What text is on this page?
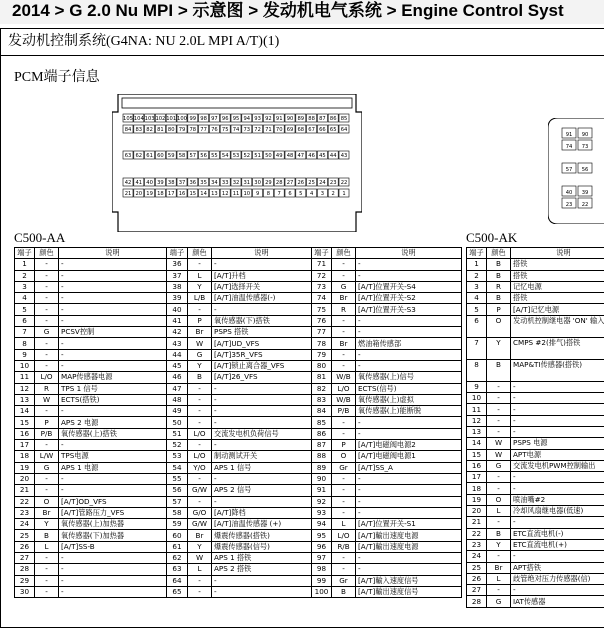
2014 > G 2.0 Nu MPI > 示意图 > 发动机电气系统 > Engine Control Syst
发动机控制系统(G4NA: NU 2.0L MPI A/T)(1)
PCM端子信息
105 104 103 102 101 100 99 98 97 96 95 94 93 92 91 90 89 88 87 86 85
84 83 82 81 80 79 78 77 76 75 74 73 72 71 70 69 68 67 66 65 64
63 62 61 60 59 58 57 56 55 54 53 52 51 50 49 48 47 46 45 44 43
42 41 40 39 38 37 36 35 34 33 32 31 30 29 28 27 26 25 24 23 22
21 20 19 18 17 16 15 14 13 12 11 10 9 8 7 6 5 4 3 2 1
91 90
74 73
57 56
40 39
23 22
C500-AA	C500-AK
端子	颜色	说明
1	-	-
2	-	-
3	-	-
4	-	-
5	-	-
6	-	-
7	G	PCSV控制
8	-	-
9	-	-
10	-	-
11	L/O	MAP传感器电源
12	R	TPS 1 信号
13	W	ECTS(搭铁)
14	-	-
15	P	APS 2 电源
16	P/B	氧传感器(上)搭铁
17	-	-
18	L/W	TPS电源
19	G	APS 1 电源
20	-	-
21	-	-
22	O	[A/T]OD_VFS
23	Br	[A/T]管路压力_VFS
24	Y	氧传感器(上)加热器
25	B	氧传感器(下)加热器
26	L	[A/T]SS-B
27	-	-
28	-	-
29	-	-
30	-	-
端子	颜色	说明
36	-	-
37	L	[A/T]升档
38	Y	[A/T]选择开关
39	L/B	[A/T]油温传感器(-)
40	-	-
41	P	氧传感器(下)搭铁
42	Br	PSPS 搭铁
43	W	[A/T]UD_VFS
44	G	[A/T]35R_VFS
45	Y	[A/T]锁止离合器_VFS
46	B	[A/T]26_VFS
47	-	-
48	-	-
49	-	-
50	-	-
51	L/O	交流发电机负荷信号
52	-	-
53	L/O	制动测试开关
54	Y/O	APS 1 信号
55	-	-
56	G/W	APS 2 信号
57	-	-
58	G/O	[A/T]降档
59	G/W	[A/T]油温传感器 (+)
60	Br	爆震传感器(搭铁)
61	Y	爆震传感器(信号)
62	W	APS 1 搭铁
63	L	APS 2 搭铁
64	-	-
65	-	-
端子	颜色	说明
71	-	-
72	-	-
73	G	[A/T]位置开关-S4
74	Br	[A/T]位置开关-S2
75	R	[A/T]位置开关-S3
76	-	-
77	-	-
78	Br	燃油箱传感部
79	-	-
80	-	-
81	W/B	氧传感器(上)信号
82	L/O	ECTS(信号)
83	W/B	氧传感器(上)虚拟
84	P/B	氧传感器(上)能断脱
85	-	-
86	-	-
87	P	[A/T]电磁阀电源2
88	O	[A/T]电磁阀电源1
89	Gr	[A/T]SS_A
90	-	-
91	-	-
92	-	-
93	-	-
94	L	[A/T]位置开关-S1
95	L/O	[A/T]輸出速度电源
96	R/B	[A/T]輸出速度电源
97	-	-
98	-	-
99	Gr	[A/T]輸入速度信号
100	B	[A/T]輸出速度信号
端子	颜色	说明
1	B	搭铁
2	B	搭铁
3	R	记忆电源
4	B	搭铁
5	P	[A/T]记忆电源
6	O	发动机控制继电器 'ON' 输入
7	Y	CMPS #2(排气)搭铁
8	B	MAP&TI传感器(搭铁)
9	-	-
10	-	-
11	-	-
12	-	-
13	-	-
14	W	PSPS 电源
15	W	APT电源
16	G	交流发电机PWM控制输出
17	-	-
18	-	-
19	O	喷油嘴#2
20	L	冷却风扇继电器(低速)
21	-	-
22	B	ETC直流电机(-)
23	Y	ETC直流电机(+)
24	-	-
25	Br	APT搭铁
26	L	歧管绝对压力传感器(信)
27	-	-
28	G	IAT传感器
